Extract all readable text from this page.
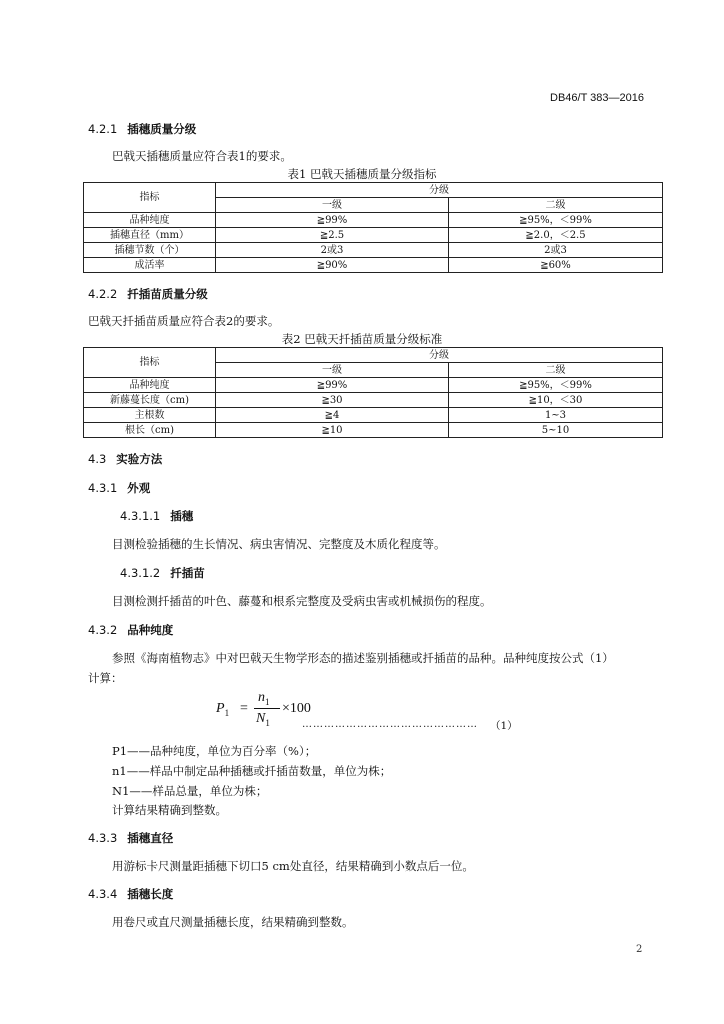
DB46/T 383—2016
4.2.1 插穗质量分级
巴戟天插穗质量应符合表1的要求。
表1 巴戟天插穗质量分级指标
指标	分级	
	一级	二级
品种纯度	≧99%	≧95%，＜99%
插穗直径（mm）	≧2.5	≧2.0，＜2.5
插穗节数（个）	2或3	2或3
成活率	≧90%	≧60%
4.2.2 扦插苗质量分级
巴戟天扦插苗质量应符合表2的要求。
表2 巴戟天扦插苗质量分级标准
指标	分级	
	一级	二级
品种纯度	≧99%	≧95%，＜99%
新藤蔓长度（cm)	≧30	≧10，＜30
主根数	≧4	1~3
根长（cm)	≧10	5~10
4.3 实验方法
4.3.1 外观
4.3.1.1 插穗
目测检验插穗的生长情况、病虫害情况、完整度及木质化程度等。
4.3.1.2 扦插苗
目测检测扦插苗的叶色、藤蔓和根系完整度及受病虫害或机械损伤的程度。
4.3.2 品种纯度
参照《海南植物志》中对巴戟天生物学形态的描述鉴别插穗或扦插苗的品种。品种纯度按公式（1）
计算：
$P_1$ =
$n_1$
$N_1$
×100
………………………………………… （1）
P1——品种纯度，单位为百分率（%）；
n1——样品中制定品种插穗或扦插苗数量，单位为株；
N1——样品总量，单位为株；
计算结果精确到整数。
4.3.3 插穗直径
用游标卡尺测量距插穗下切口5 cm处直径，结果精确到小数点后一位。
4.3.4 插穗长度
用卷尺或直尺测量插穗长度，结果精确到整数。
2
